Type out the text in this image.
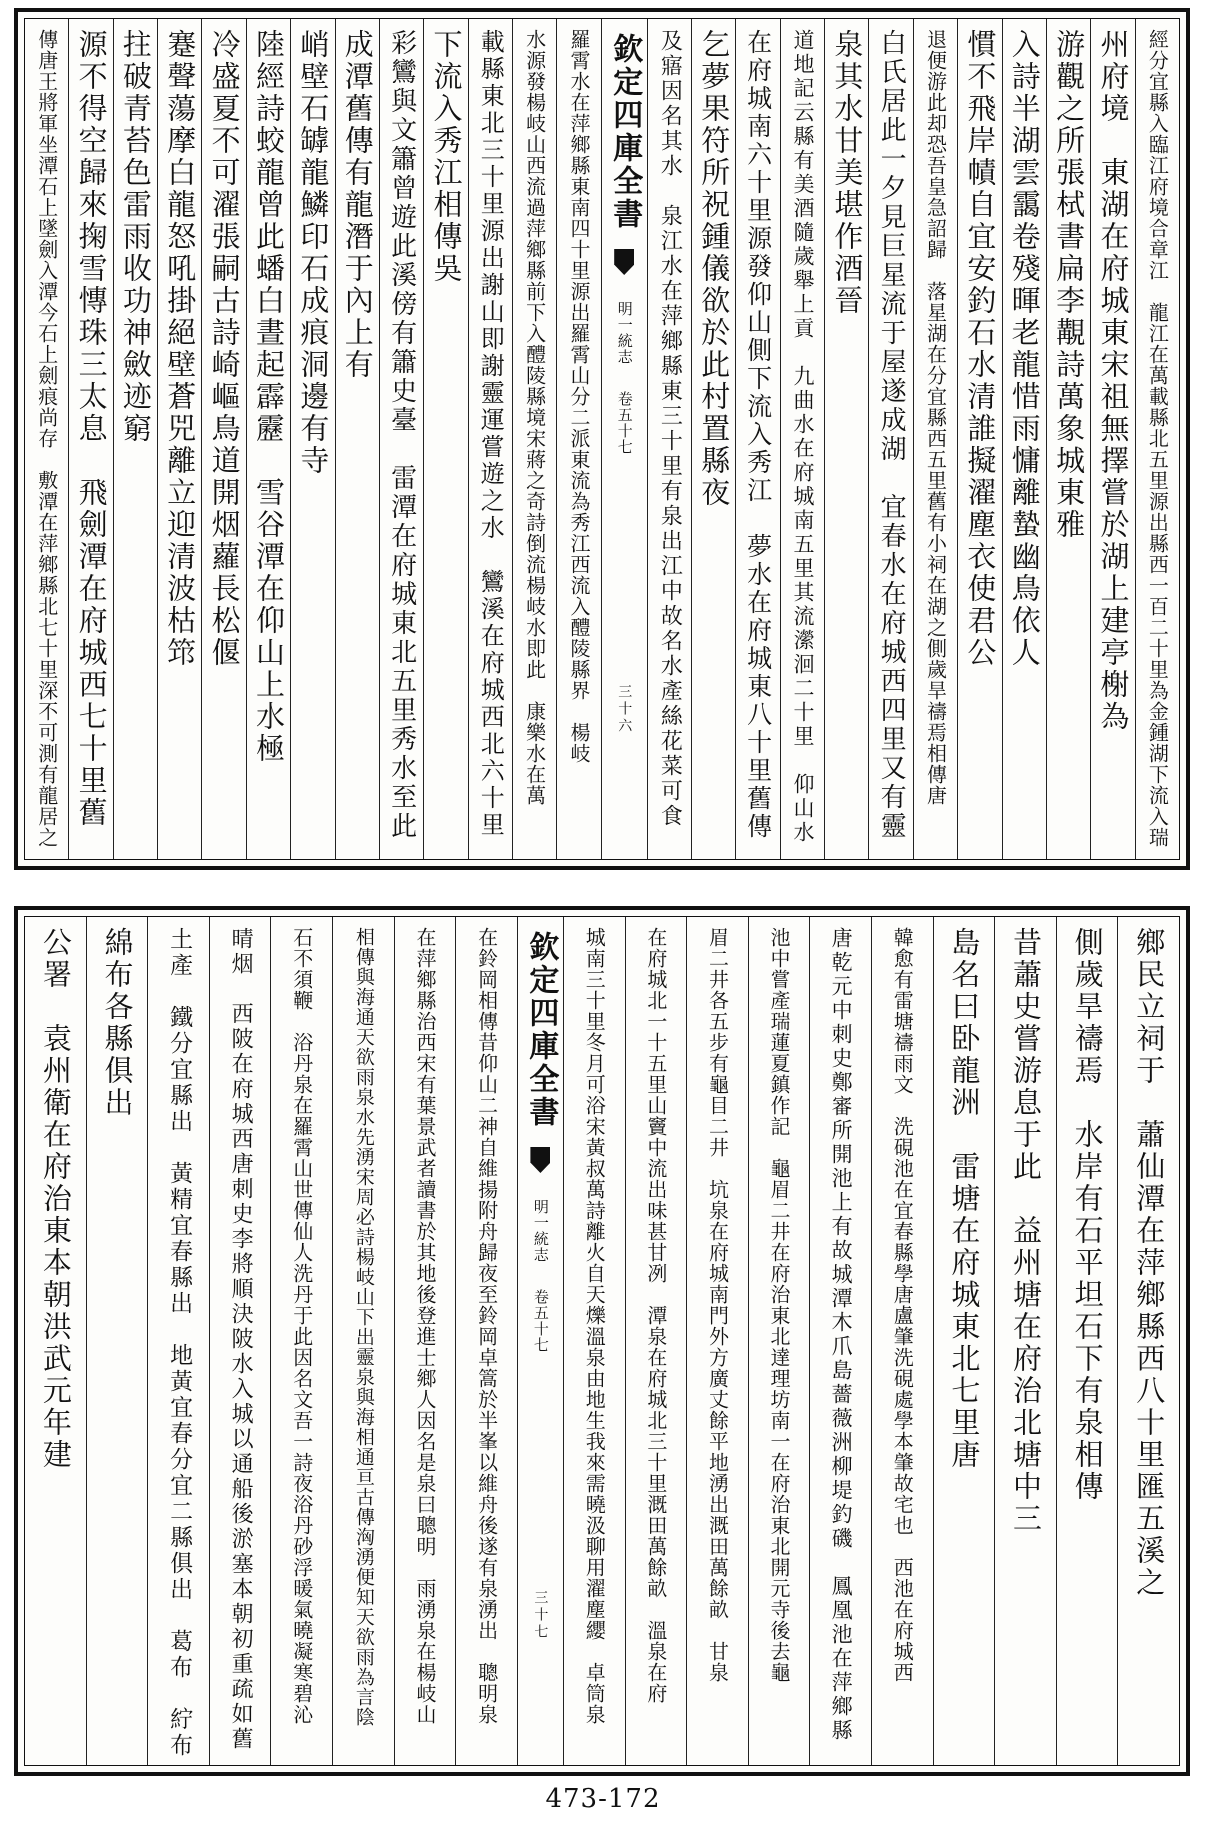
經分宜縣入臨江府境合章江　龍江在萬載縣北五里源出縣西一百二十里為金鍾湖下流入瑞
州府境　東湖在府城東宋祖無擇嘗於湖上建亭榭為
游觀之所張栻書扁李覯詩萬象城東雅
入詩半湖雲靄卷殘暉老龍惜雨慵離蟄幽鳥依人
慣不飛岸幘自宜安釣石水清誰擬濯塵衣使君公
退便游此却恐吾皇急詔歸　落星湖在分宜縣西五里舊有小祠在湖之側歲旱禱焉相傳唐
白氏居此一夕見巨星流于屋遂成湖　宜春水在府城西四里又有靈
泉其水甘美堪作酒晉
道地記云縣有美酒隨歲舉上貢　九曲水在府城南五里其流瀠洄二十里　仰山水
在府城南六十里源發仰山側下流入秀江　夢水在府城東八十里舊傳
乞夢果符所祝鍾儀欲於此村置縣夜
及寤因名其水　泉江水在萍鄉縣東三十里有泉出江中故名水產絲花菜可食
欽定四庫全書
明一統志
卷五十七
三十六
羅霄水在萍鄉縣東南四十里源出羅霄山分二派東流為秀江西流入醴陵縣界　楊岐
水源發楊岐山西流過萍鄉縣前下入醴陵縣境宋蔣之奇詩倒流楊岐水即此　康樂水在萬
載縣東北三十里源出謝山即謝靈運嘗遊之水　鸞溪在府城西北六十里
下流入秀江相傳吳
彩鸞與文簫曾遊此溪傍有簫史臺　雷潭在府城東北五里秀水至此
成潭舊傳有龍潛于內上有
峭壁石罅龍鱗印石成痕洞邊有寺
陸經詩蛟龍曾此蟠白晝起霹靂　雪谷潭在仰山上水極
冷盛夏不可濯張嗣古詩崎嶇鳥道開烟蘿長松偃
蹇聲蕩摩白龍怒吼掛絕壁蒼兕離立迎清波枯筇
拄破青苔色雷雨收功神斂迹窮
源不得空歸來掬雪慱珠三太息　飛劍潭在府城西七十里舊
傳唐王將軍坐潭石上墜劍入潭今石上劍痕尚存　敷潭在萍鄉縣北七十里深不可測有龍居之
鄉民立祠于　蕭仙潭在萍鄉縣西八十里匯五溪之
側歲旱禱焉　水岸有石平坦石下有泉相傳
昔蕭史嘗游息于此　益州塘在府治北塘中三
島名曰卧龍洲　雷塘在府城東北七里唐
韓愈有雷塘禱雨文　洗硯池在宜春縣學唐盧肇洗硯處學本肇故宅也　西池在府城西
唐乾元中刺史鄭審所開池上有故城潭木爪島薔薇洲柳堤釣磯　鳳凰池在萍鄉縣
池中嘗產瑞蓮夏鎮作記　龜眉二井在府治東北達理坊南一在府治東北開元寺後去龜
眉二井各五步有龜目二井　坑泉在府城南門外方廣丈餘平地湧出溉田萬餘畝　甘泉
在府城北一十五里山竇中流出味甚甘冽　潭泉在府城北三十里溉田萬餘畝　溫泉在府
城南三十里冬月可浴宋黃叔萬詩離火自天爍溫泉由地生我來需曉汲聊用濯塵纓　卓筒泉
欽定四庫全書
明一統志
卷五十七
三十七
在鈴岡相傳昔仰山二神自維揚附舟歸夜至鈴岡卓篙於半峯以維舟後遂有泉湧出　聰明泉
在萍鄉縣治西宋有葉景武者讀書於其地後登進士鄉人因名是泉曰聰明　雨湧泉在楊岐山
相傳與海通天欲雨泉水先湧宋周必詩楊岐山下出靈泉與海相通亘古傳洶湧便知天欲雨為言陰
石不須鞭　浴丹泉在羅霄山世傳仙人洗丹于此因名文吾一詩夜浴丹砂浮暖氣曉凝寒碧沁
晴烟　西陂在府城西唐刺史李將順決陂水入城以通船後淤塞本朝初重疏如舊
土產　鐵分宜縣出　黃精宜春縣出　地黃宜春分宜二縣俱出　葛布　紵布
綿布各縣俱出
公署　袁州衛在府治東本朝洪武元年建
473-172
